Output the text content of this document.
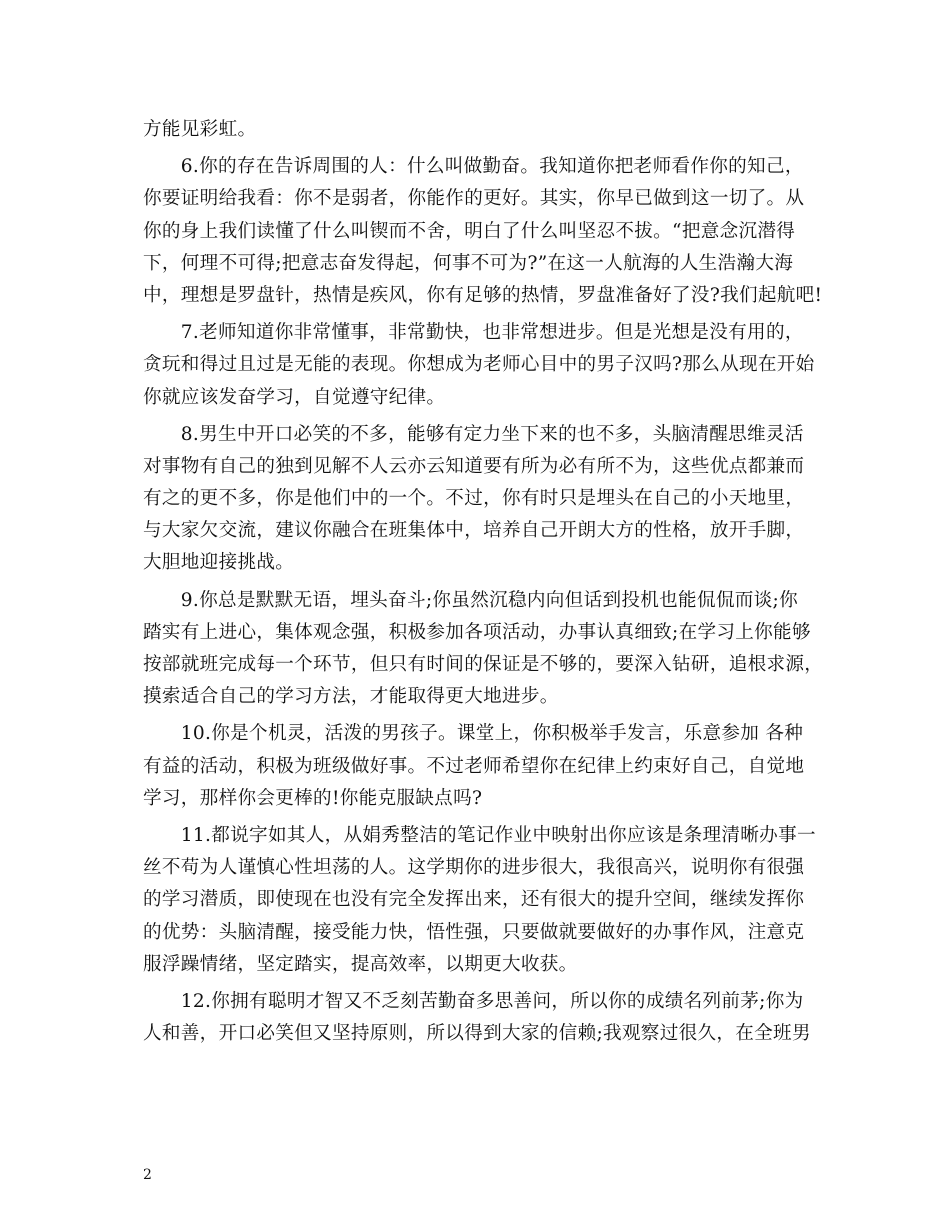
方能见彩虹。
　　6.你的存在告诉周围的人：什么叫做勤奋。我知道你把老师看作你的知己，
你要证明给我看：你不是弱者，你能作的更好。其实，你早已做到这一切了。从
你的身上我们读懂了什么叫锲而不舍，明白了什么叫坚忍不拔。“把意念沉潜得
下，何理不可得;把意志奋发得起，何事不可为?”在这一人航海的人生浩瀚大海
中，理想是罗盘针，热情是疾风，你有足够的热情，罗盘准备好了没?我们起航吧!
　　7.老师知道你非常懂事，非常勤快，也非常想进步。但是光想是没有用的，
贪玩和得过且过是无能的表现。你想成为老师心目中的男子汉吗?那么从现在开始
你就应该发奋学习，自觉遵守纪律。
　　8.男生中开口必笑的不多，能够有定力坐下来的也不多，头脑清醒思维灵活
对事物有自己的独到见解不人云亦云知道要有所为必有所不为，这些优点都兼而
有之的更不多，你是他们中的一个。不过，你有时只是埋头在自己的小天地里，
与大家欠交流，建议你融合在班集体中，培养自己开朗大方的性格，放开手脚，
大胆地迎接挑战。
　　9.你总是默默无语，埋头奋斗;你虽然沉稳内向但话到投机也能侃侃而谈;你
踏实有上进心，集体观念强，积极参加各项活动，办事认真细致;在学习上你能够
按部就班完成每一个环节，但只有时间的保证是不够的，要深入钻研，追根求源，
摸索适合自己的学习方法，才能取得更大地进步。
　　10.你是个机灵，活泼的男孩子。课堂上，你积极举手发言，乐意参加 各种
有益的活动，积极为班级做好事。不过老师希望你在纪律上约束好自己，自觉地
学习，那样你会更棒的!你能克服缺点吗?
　　11.都说字如其人，从娟秀整洁的笔记作业中映射出你应该是条理清晰办事一
丝不苟为人谨慎心性坦荡的人。这学期你的进步很大，我很高兴，说明你有很强
的学习潜质，即使现在也没有完全发挥出来，还有很大的提升空间，继续发挥你
的优势：头脑清醒，接受能力快，悟性强，只要做就要做好的办事作风，注意克
服浮躁情绪，坚定踏实，提高效率，以期更大收获。
　　12.你拥有聪明才智又不乏刻苦勤奋多思善问，所以你的成绩名列前茅;你为
人和善，开口必笑但又坚持原则，所以得到大家的信赖;我观察过很久，在全班男
2
